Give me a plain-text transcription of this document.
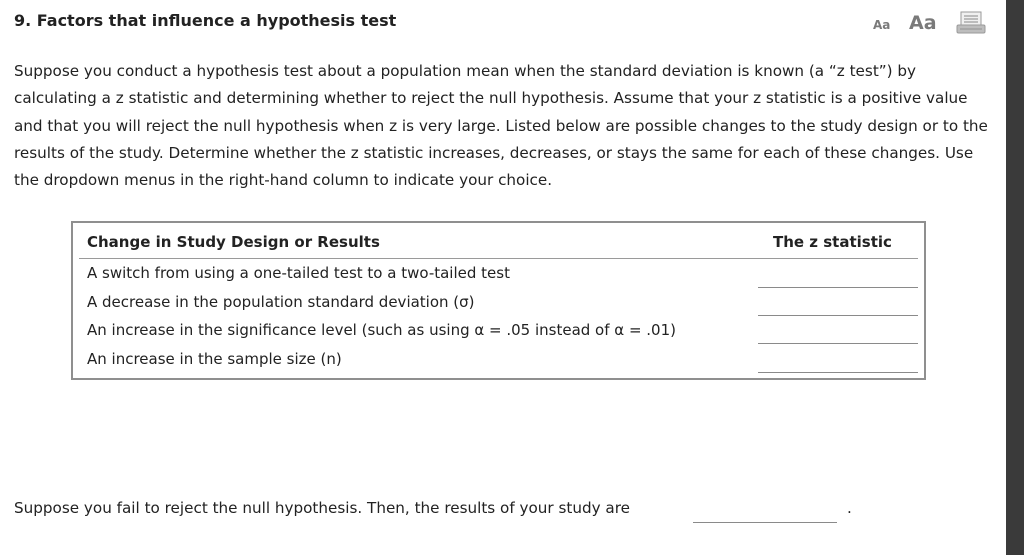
9. Factors that influence a hypothesis test	Aa Aa
Suppose you conduct a hypothesis test about a population mean when the standard deviation is known (a “z test”) by calculating a z statistic and determining whether to reject the null hypothesis. Assume that your z statistic is a positive value and that you will reject the null hypothesis when z is very large. Listed below are possible changes to the study design or to the results of the study. Determine whether the z statistic increases, decreases, or stays the same for each of these changes. Use the dropdown menus in the right-hand column to indicate your choice.
Change in Study Design or Results	The z statistic
A switch from using a one-tailed test to a two-tailed test
A decrease in the population standard deviation (σ)
An increase in the significance level (such as using α = .05 instead of α = .01)
An increase in the sample size (n)
Suppose you fail to reject the null hypothesis. Then, the results of your study are	.
